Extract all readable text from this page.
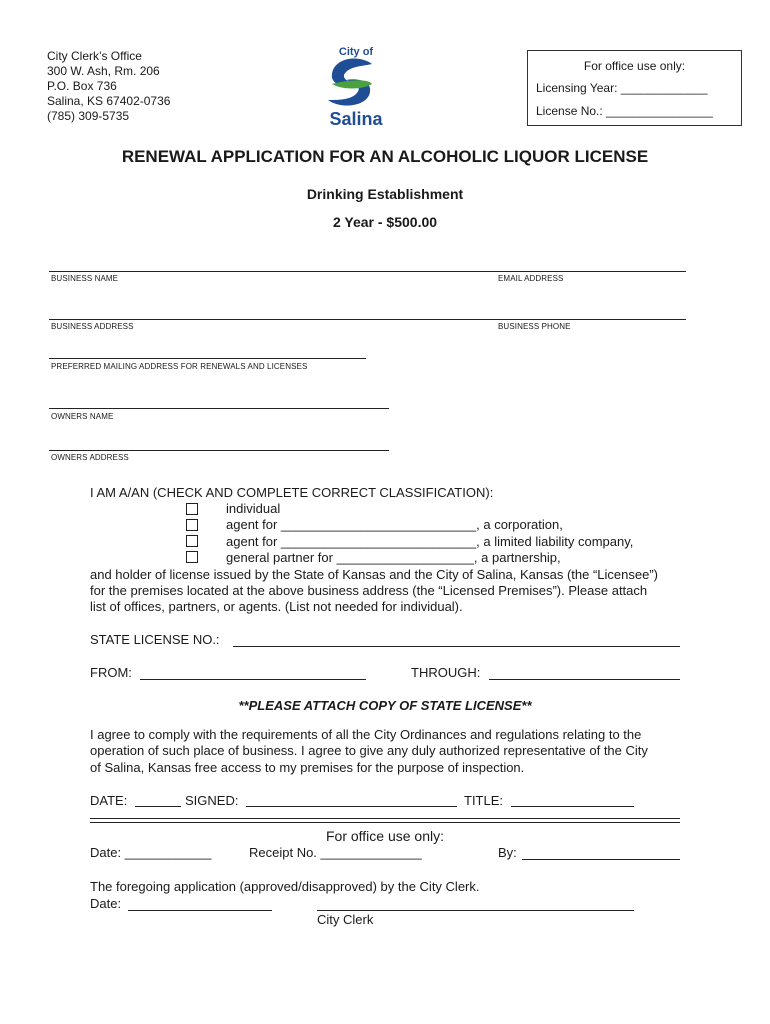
City Clerk’s Office
300 W. Ash, Rm. 206
P.O. Box 736
Salina, KS 67402-0736
(785) 309-5735
City of
Salina
For office use only:
Licensing Year: _____________
License No.: ________________
RENEWAL APPLICATION FOR AN ALCOHOLIC LIQUOR LICENSE
Drinking Establishment
2 Year - $500.00
BUSINESS NAME	EMAIL ADDRESS
BUSINESS ADDRESS	BUSINESS PHONE
PREFERRED MAILING ADDRESS FOR RENEWALS AND LICENSES
OWNERS NAME
OWNERS ADDRESS
I AM A/AN (CHECK AND COMPLETE CORRECT CLASSIFICATION):
individual
agent for ___________________________, a corporation,
agent for ___________________________, a limited liability company,
general partner for ___________________, a partnership,
and holder of license issued by the State of Kansas and the City of Salina, Kansas (the “Licensee”)
for the premises located at the above business address (the “Licensed Premises”). Please attach
list of offices, partners, or agents. (List not needed for individual).
STATE LICENSE NO.:
FROM:	THROUGH:
**PLEASE ATTACH COPY OF STATE LICENSE**
I agree to comply with the requirements of all the City Ordinances and regulations relating to the
operation of such place of business. I agree to give any duly authorized representative of the City
of Salina, Kansas free access to my premises for the purpose of inspection.
DATE:	SIGNED:	TITLE:
For office use only:
Date: ____________	Receipt No. ______________	By:
The foregoing application (approved/disapproved) by the City Clerk.
Date:
City Clerk
